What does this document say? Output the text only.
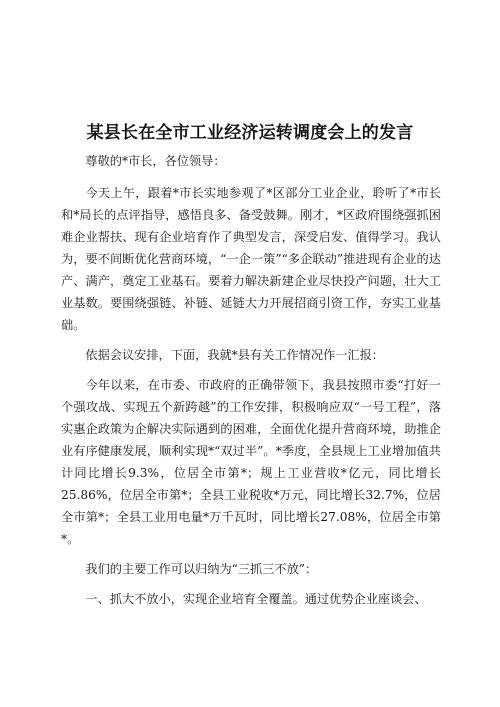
某县长在全市工业经济运转调度会上的发言

尊敬的*市长，各位领导：

今天上午，跟着*市长实地参观了*区部分工业企业，聆听了*市长和*局长的点评指导，感悟良多、备受鼓舞。刚才，*区政府围绕强抓困难企业帮扶、现有企业培育作了典型发言，深受启发、值得学习。我认为，要不间断优化营商环境，“一企一策”“多企联动”推进现有企业的达产、满产，奠定工业基石。要着力解决新建企业尽快投产问题，壮大工业基数。要围绕强链、补链、延链大力开展招商引资工作，夯实工业基础。

依据会议安排，下面，我就*县有关工作情况作一汇报：

今年以来，在市委、市政府的正确带领下，我县按照市委“打好一个强攻战、实现五个新跨越”的工作安排，积极响应双“一号工程”，落实惠企政策为企解决实际遇到的困难，全面优化提升营商环境，助推企业有序健康发展，顺利实现*“双过半”。*季度，全县规上工业增加值共计同比增长9.3%，位居全市第*；规上工业营收*亿元，同比增长25.86%，位居全市第*；全县工业税收*万元，同比增长32.7%，位居全市第*；全县工业用电量*万千瓦时，同比增长27.08%，位居全市第*。

我们的主要工作可以归纳为“三抓三不放”：

一、抓大不放小，实现企业培育全覆盖。通过优势企业座谈会、
